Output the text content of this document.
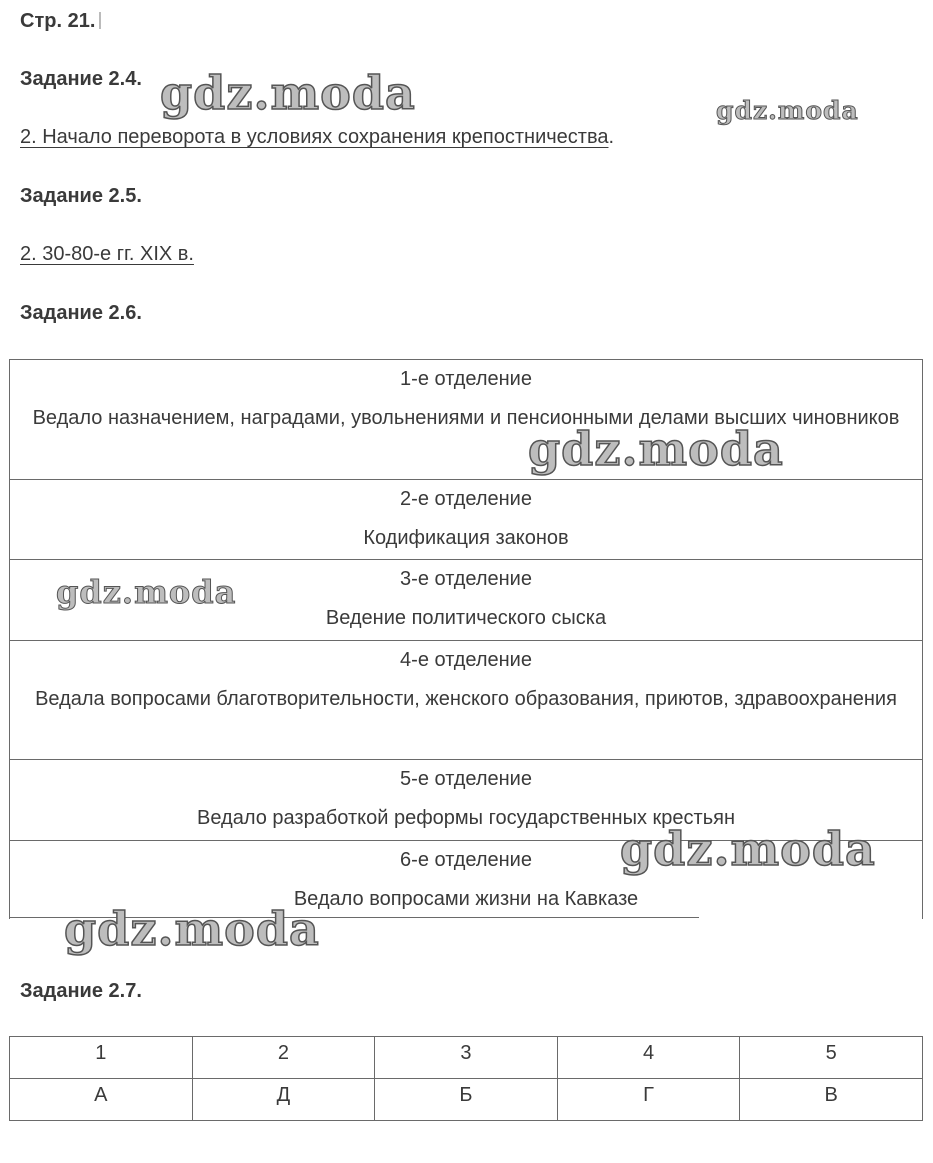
Стр. 21.
Задание 2.4.
2. Начало переворота в условиях сохранения крепостничества.
Задание 2.5.
2. 30-80-е гг. XIX в.
Задание 2.6.
1-е отделение
Ведало назначением, наградами, увольнениями и пенсионными делами высших чиновников

2-е отделение
Кодификация законов

3-е отделение
Ведение политического сыска

4-е отделение
Ведала вопросами благотворительности, женского образования, приютов, здравоохранения

5-е отделение
Ведало разработкой реформы государственных крестьян

6-е отделение
Ведало вопросами жизни на Кавказе
Задание 2.7.
1	2	3	4	5
А	Д	Б	Г	В
gdz.moda	gdz.moda
gdz.moda
gdz.moda
gdz.moda
gdz.moda
